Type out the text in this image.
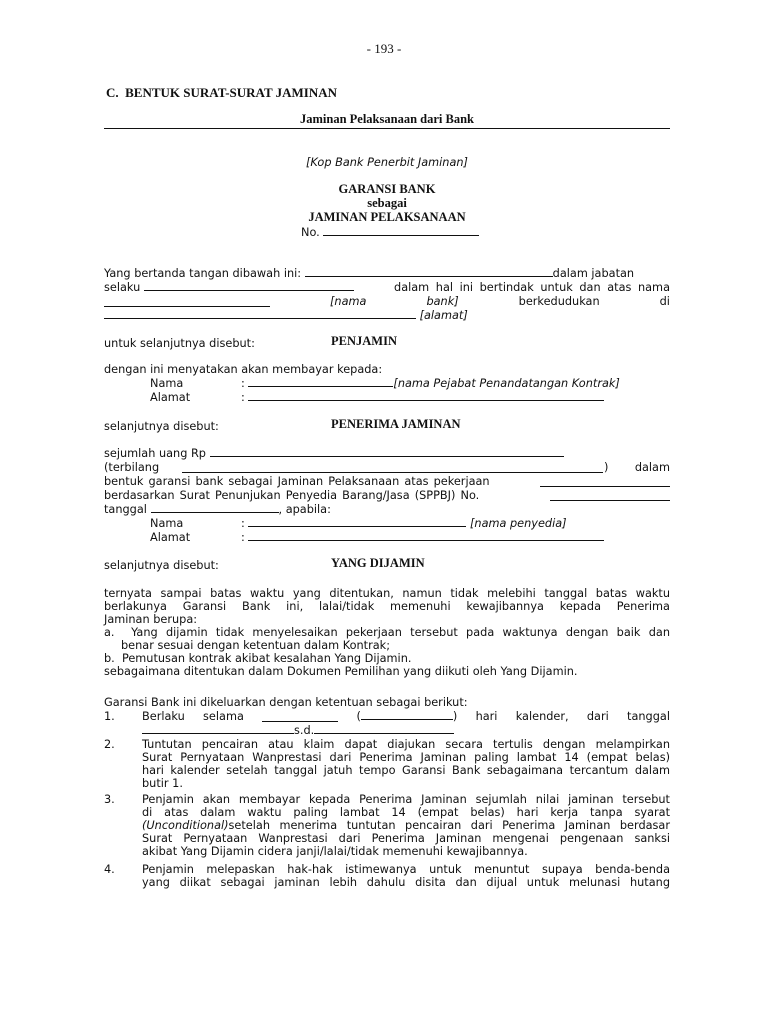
- 193 -
C.  BENTUK SURAT-SURAT JAMINAN
Jaminan Pelaksanaan dari Bank
[Kop Bank Penerbit Jaminan]
GARANSI BANK
sebagai
JAMINAN PELAKSANAAN
No.
Yang bertanda tangan dibawah ini:	dalam jabatan
selaku	dalam hal ini bertindak untuk dan atas nama
[nama	bank]	berkedudukan	di
[alamat]
untuk selanjutnya disebut:	PENJAMIN
dengan ini menyatakan akan membayar kepada:
Nama	:	[nama Pejabat Penandatangan Kontrak]
Alamat	:
selanjutnya disebut:	PENERIMA JAMINAN
sejumlah uang Rp
(terbilang	) dalam
bentuk garansi bank sebagai Jaminan Pelaksanaan atas pekerjaan
berdasarkan Surat Penunjukan Penyedia Barang/Jasa (SPPBJ) No.
tanggal	, apabila:
Nama	:	[nama penyedia]
Alamat	:
selanjutnya disebut:	YANG DIJAMIN
ternyata sampai batas waktu yang ditentukan, namun tidak melebihi tanggal batas waktu
berlakunya Garansi Bank ini, lalai/tidak memenuhi kewajibannya kepada Penerima
Jaminan berupa:
a.  Yang dijamin tidak menyelesaikan pekerjaan tersebut pada waktunya dengan baik dan
benar sesuai dengan ketentuan dalam Kontrak;
b.  Pemutusan kontrak akibat kesalahan Yang Dijamin.
sebagaimana ditentukan dalam Dokumen Pemilihan yang diikuti oleh Yang Dijamin.
Garansi Bank ini dikeluarkan dengan ketentuan sebagai berikut:
1. Berlaku selama	(	) hari kalender, dari tanggal
s.d.
2. Tuntutan pencairan atau klaim dapat diajukan secara tertulis dengan melampirkan
Surat Pernyataan Wanprestasi dari Penerima Jaminan paling lambat 14 (empat belas)
hari kalender setelah tanggal jatuh tempo Garansi Bank sebagaimana tercantum dalam
butir 1.
3. Penjamin akan membayar kepada Penerima Jaminan sejumlah nilai jaminan tersebut
di atas dalam waktu paling lambat 14 (empat belas) hari kerja tanpa syarat
(Unconditional)setelah menerima tuntutan pencairan dari Penerima Jaminan berdasar
Surat Pernyataan Wanprestasi dari Penerima Jaminan mengenai pengenaan sanksi
akibat Yang Dijamin cidera janji/lalai/tidak memenuhi kewajibannya.
4. Penjamin melepaskan hak-hak istimewanya untuk menuntut supaya benda-benda
yang diikat sebagai jaminan lebih dahulu disita dan dijual untuk melunasi hutang
